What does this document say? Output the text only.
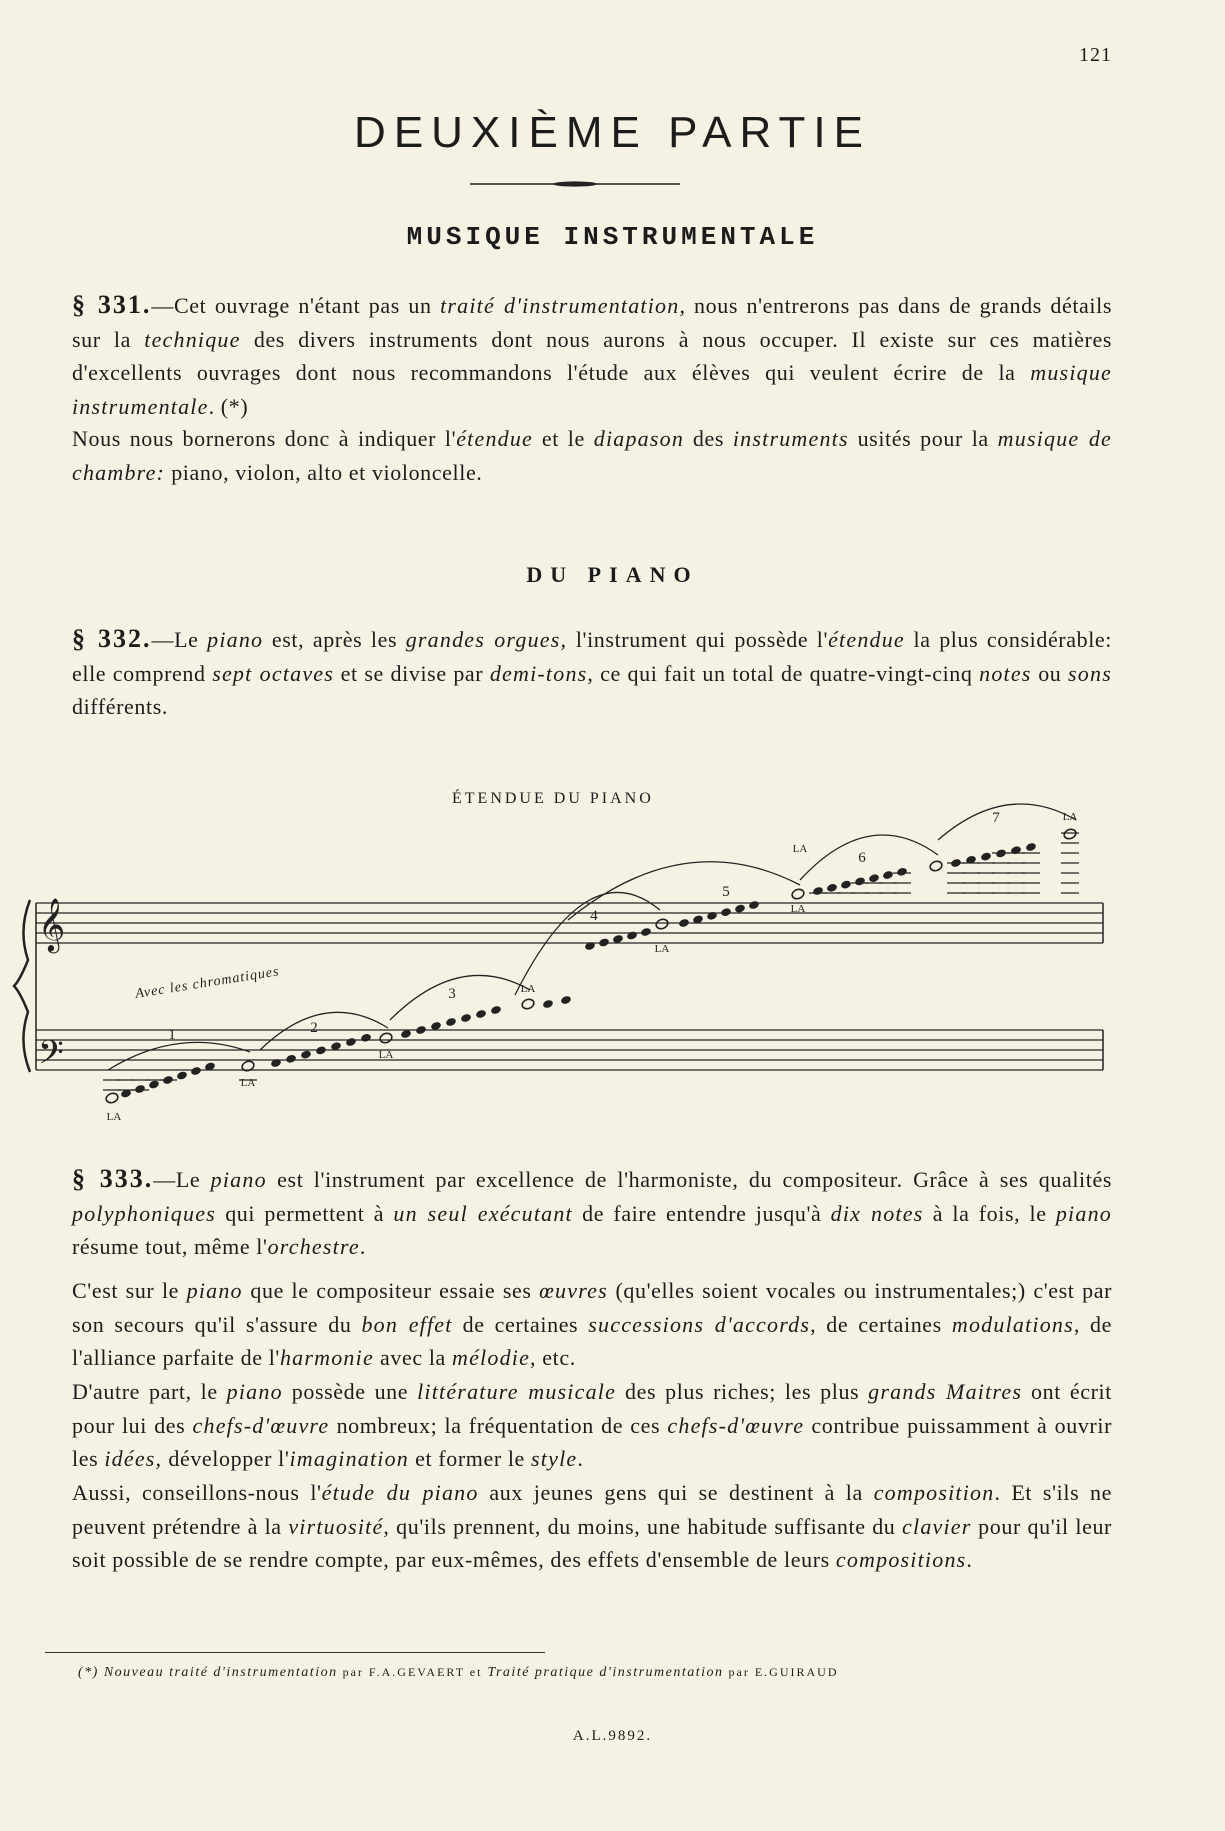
121
DEUXIÈME PARTIE
MUSIQUE INSTRUMENTALE

§ 331.—Cet ouvrage n'étant pas un traité d'instrumentation, nous n'entrerons pas dans de grands détails sur la technique des divers instruments dont nous aurons à nous occuper. Il existe sur ces matières d'excellents ouvrages dont nous recommandons l'étude aux élèves qui veulent écrire de la musique instrumentale. (*)

Nous nous bornerons donc à indiquer l'étendue et le diapason des instruments usités pour la musique de chambre: piano, violon, alto et violoncelle.

DU PIANO

§ 332.—Le piano est, après les grandes orgues, l'instrument qui possède l'étendue la plus considérable: elle comprend sept octaves et se divise par demi-tons, ce qui fait un total de quatre-vingt-cinq notes ou sons différents.

ÉTENDUE DU PIANO
𝄞
𝄢
Avec les chromatiques
1	2
3
4
5
6
7
LA
LA
LA
LA
LA
LA
LA
LA

§ 333.—Le piano est l'instrument par excellence de l'harmoniste, du compositeur. Grâce à ses qualités polyphoniques qui permettent à un seul exécutant de faire entendre jusqu'à dix notes à la fois, le piano résume tout, même l'orchestre.

C'est sur le piano que le compositeur essaie ses œuvres (qu'elles soient vocales ou instrumentales;) c'est par son secours qu'il s'assure du bon effet de certaines successions d'accords, de certaines modulations, de l'alliance parfaite de l'harmonie avec la mélodie, etc.

D'autre part, le piano possède une littérature musicale des plus riches; les plus grands Maitres ont écrit pour lui des chefs-d'œuvre nombreux; la fréquentation de ces chefs-d'œuvre contribue puissamment à ouvrir les idées, développer l'imagination et former le style.

Aussi, conseillons-nous l'étude du piano aux jeunes gens qui se destinent à la composition. Et s'ils ne peuvent prétendre à la virtuosité, qu'ils prennent, du moins, une habitude suffisante du clavier pour qu'il leur soit possible de se rendre compte, par eux-mêmes, des effets d'ensemble de leurs compositions.

(*) Nouveau traité d'instrumentation par F.A.GEVAERT et Traité pratique d'instrumentation par E.GUIRAUD
A.L.9892.
